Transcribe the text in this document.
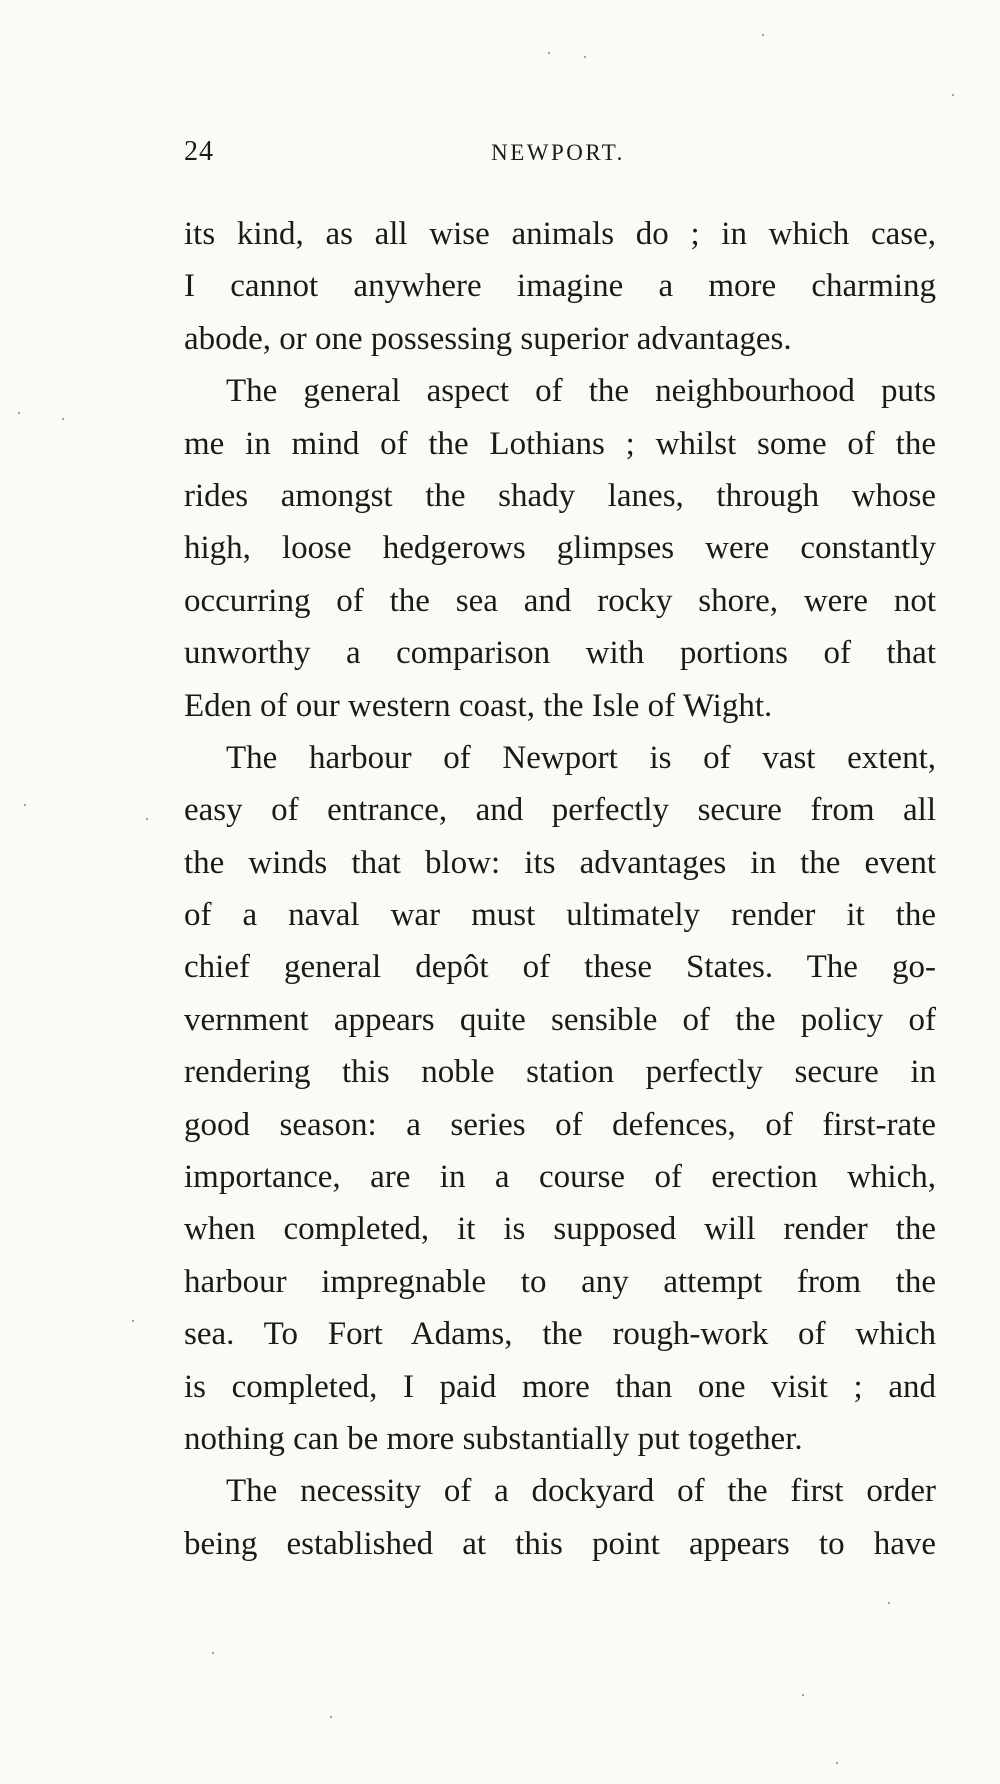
24	NEWPORT.
its kind, as all wise animals do ; in which case,
I cannot anywhere imagine a more charming
abode, or one possessing superior advantages.
The general aspect of the neighbourhood puts
me in mind of the Lothians ; whilst some of the
rides amongst the shady lanes, through whose
high, loose hedgerows glimpses were constantly
occurring of the sea and rocky shore, were not
unworthy a comparison with portions of that
Eden of our western coast, the Isle of Wight.
The harbour of Newport is of vast extent,
easy of entrance, and perfectly secure from all
the winds that blow: its advantages in the event
of a naval war must ultimately render it the
chief general depôt of these States. The go-
vernment appears quite sensible of the policy of
rendering this noble station perfectly secure in
good season: a series of defences, of first-rate
importance, are in a course of erection which,
when completed, it is supposed will render the
harbour impregnable to any attempt from the
sea. To Fort Adams, the rough-work of which
is completed, I paid more than one visit ; and
nothing can be more substantially put together.
The necessity of a dockyard of the first order
being established at this point appears to have
